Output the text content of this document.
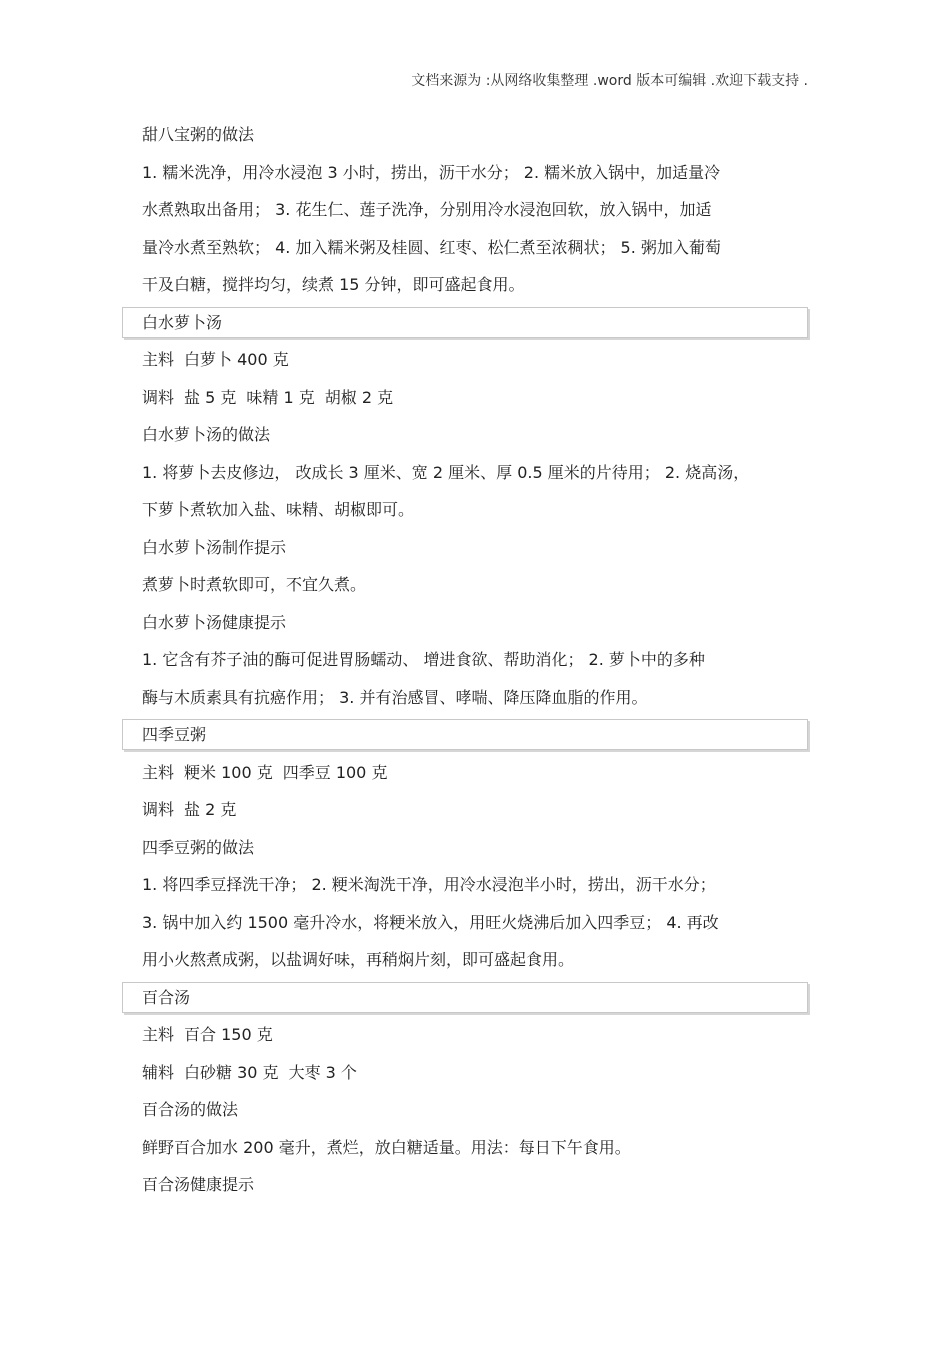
文档来源为 :从网络收集整理 .word 版本可编辑 .欢迎下载支持 .
甜八宝粥的做法
1. 糯米洗净，用冷水浸泡 3 小时，捞出，沥干水分； 2. 糯米放入锅中，加适量冷
水煮熟取出备用； 3. 花生仁、莲子洗净，分别用冷水浸泡回软，放入锅中，加适
量冷水煮至熟软； 4. 加入糯米粥及桂圆、红枣、松仁煮至浓稠状； 5. 粥加入葡萄
干及白糖，搅拌均匀，续煮 15 分钟，即可盛起食用。
白水萝卜汤
主料 白萝卜 400 克
调料 盐 5 克 味精 1 克 胡椒 2 克
白水萝卜汤的做法
1. 将萝卜去皮修边， 改成长 3 厘米、宽 2 厘米、厚 0.5 厘米的片待用； 2. 烧高汤，
下萝卜煮软加入盐、味精、胡椒即可。
白水萝卜汤制作提示
煮萝卜时煮软即可，不宜久煮。
白水萝卜汤健康提示
1. 它含有芥子油的酶可促进胃肠蠕动、 增进食欲、帮助消化； 2. 萝卜中的多种
酶与木质素具有抗癌作用； 3. 并有治感冒、哮喘、降压降血脂的作用。
四季豆粥
主料 粳米 100 克 四季豆 100 克
调料 盐 2 克
四季豆粥的做法
1. 将四季豆择洗干净； 2. 粳米淘洗干净，用冷水浸泡半小时，捞出，沥干水分；
3. 锅中加入约 1500 毫升冷水，将粳米放入，用旺火烧沸后加入四季豆； 4. 再改
用小火熬煮成粥，以盐调好味，再稍焖片刻，即可盛起食用。
百合汤
主料 百合 150 克
辅料 白砂糖 30 克 大枣 3 个
百合汤的做法
鲜野百合加水 200 毫升，煮烂，放白糖适量。用法：每日下午食用。
百合汤健康提示
